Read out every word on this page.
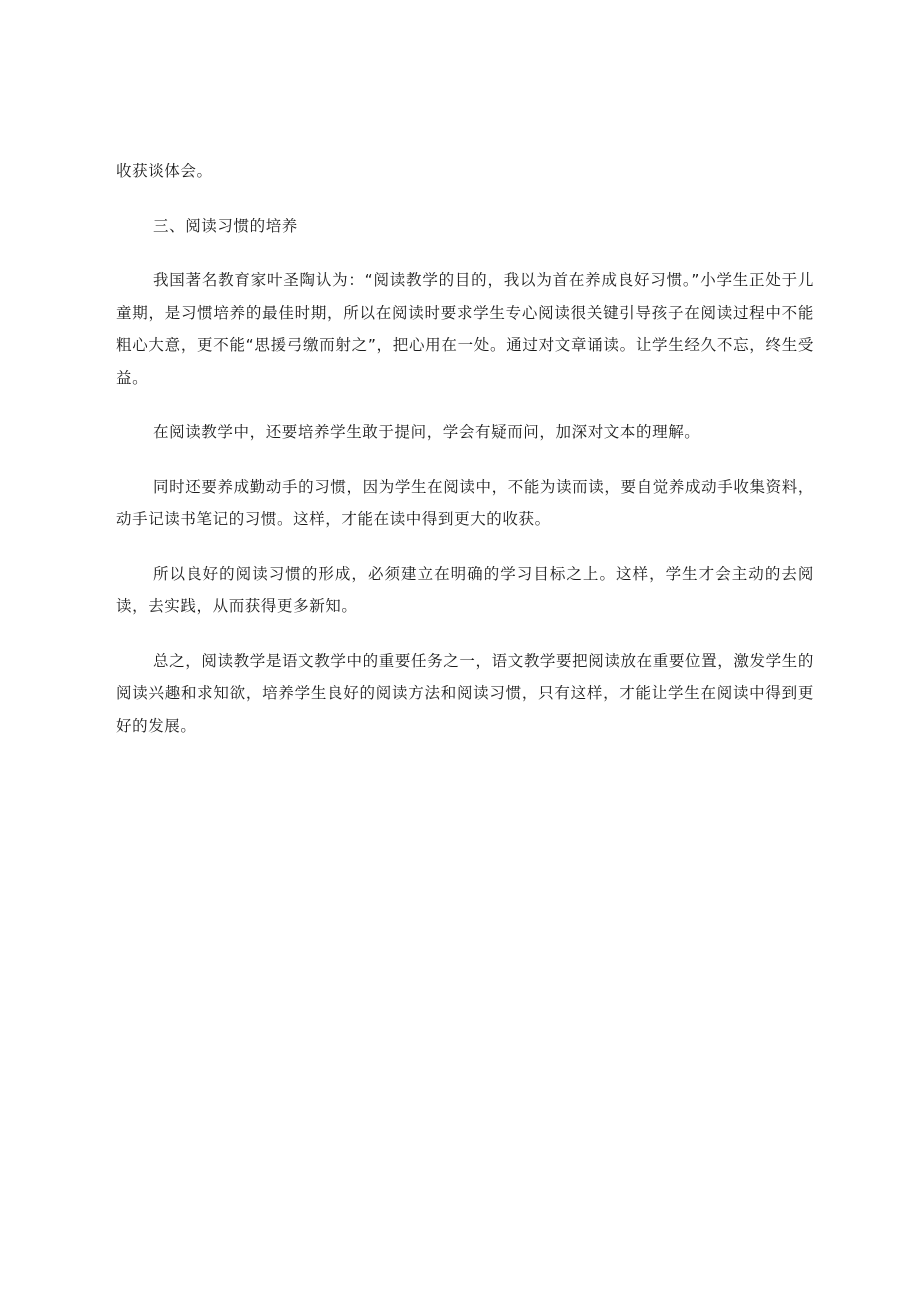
收获谈体会。

三、阅读习惯的培养

我国著名教育家叶圣陶认为：“阅读教学的目的，我以为首在养成良好习惯。”小学生正处于儿童期，是习惯培养的最佳时期，所以在阅读时要求学生专心阅读很关键引导孩子在阅读过程中不能粗心大意，更不能“思援弓缴而射之”，把心用在一处。通过对文章诵读。让学生经久不忘，终生受益。

在阅读教学中，还要培养学生敢于提问，学会有疑而问，加深对文本的理解。

同时还要养成勤动手的习惯，因为学生在阅读中，不能为读而读，要自觉养成动手收集资料，动手记读书笔记的习惯。这样，才能在读中得到更大的收获。

所以良好的阅读习惯的形成，必须建立在明确的学习目标之上。这样，学生才会主动的去阅读，去实践，从而获得更多新知。

总之，阅读教学是语文教学中的重要任务之一，语文教学要把阅读放在重要位置，激发学生的阅读兴趣和求知欲，培养学生良好的阅读方法和阅读习惯，只有这样，才能让学生在阅读中得到更好的发展。
